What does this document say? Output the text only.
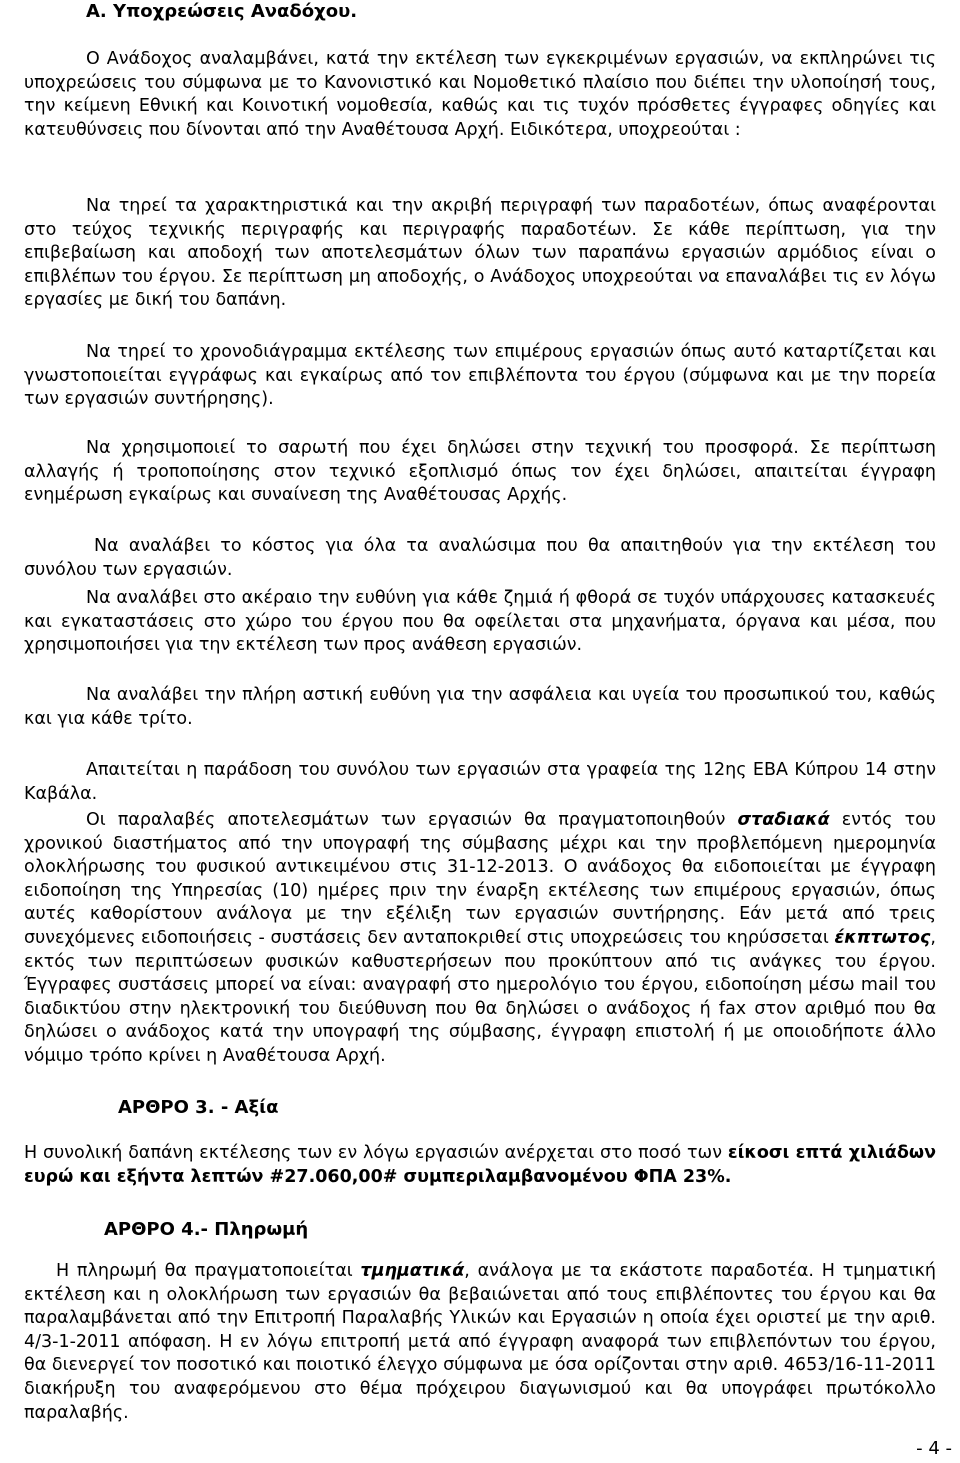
Α. Υποχρεώσεις Αναδόχου.

Ο Ανάδοχος αναλαμβάνει, κατά την εκτέλεση των εγκεκριμένων εργασιών, να εκπληρώνει τις υποχρεώσεις του σύμφωνα με το Κανονιστικό και Νομοθετικό πλαίσιο που διέπει την υλοποίησή τους, την κείμενη Εθνική και Κοινοτική νομοθεσία, καθώς και τις τυχόν πρόσθετες έγγραφες οδηγίες και κατευθύνσεις που δίνονται από την Αναθέτουσα Αρχή. Ειδικότερα, υποχρεούται :

Να τηρεί τα χαρακτηριστικά και την ακριβή περιγραφή των παραδοτέων, όπως αναφέρονται στο τεύχος τεχνικής περιγραφής και περιγραφής παραδοτέων. Σε κάθε περίπτωση, για την επιβεβαίωση και αποδοχή των αποτελεσμάτων όλων των παραπάνω εργασιών αρμόδιος είναι ο επιβλέπων του έργου. Σε περίπτωση μη αποδοχής, ο Ανάδοχος υποχρεούται να επαναλάβει τις εν λόγω εργασίες με δική του δαπάνη.

Να τηρεί το χρονοδιάγραμμα εκτέλεσης των επιμέρους εργασιών όπως αυτό καταρτίζεται και γνωστοποιείται εγγράφως και εγκαίρως από τον επιβλέποντα του έργου (σύμφωνα και με την πορεία των εργασιών συντήρησης).

Να χρησιμοποιεί το σαρωτή που έχει δηλώσει στην τεχνική του προσφορά. Σε περίπτωση αλλαγής ή τροποποίησης στον τεχνικό εξοπλισμό όπως τον έχει δηλώσει, απαιτείται έγγραφη ενημέρωση εγκαίρως και συναίνεση της Αναθέτουσας Αρχής.

Να αναλάβει το κόστος για όλα τα αναλώσιμα που θα απαιτηθούν για την εκτέλεση του συνόλου των εργασιών.

Να αναλάβει στο ακέραιο την ευθύνη για κάθε ζημιά ή φθορά σε τυχόν υπάρχουσες κατασκευές και εγκαταστάσεις στο χώρο του έργου που θα οφείλεται στα μηχανήματα, όργανα και μέσα, που χρησιμοποιήσει για την εκτέλεση των προς ανάθεση εργασιών.

Να αναλάβει την πλήρη αστική ευθύνη για την ασφάλεια και υγεία του προσωπικού του, καθώς και για κάθε τρίτο.

Απαιτείται η παράδοση του συνόλου των εργασιών στα γραφεία της 12ης ΕΒΑ Κύπρου 14 στην Καβάλα.

Οι παραλαβές αποτελεσμάτων των εργασιών θα πραγματοποιηθούν σταδιακά εντός του χρονικού διαστήματος από την υπογραφή της σύμβασης μέχρι και την προβλεπόμενη ημερομηνία ολοκλήρωσης του φυσικού αντικειμένου στις 31-12-2013. Ο ανάδοχος θα ειδοποιείται με έγγραφη ειδοποίηση της Υπηρεσίας (10) ημέρες πριν την έναρξη εκτέλεσης των επιμέρους εργασιών, όπως αυτές καθορίστουν ανάλογα με την εξέλιξη των εργασιών συντήρησης. Εάν μετά από τρεις συνεχόμενες ειδοποιήσεις - συστάσεις δεν ανταποκριθεί στις υποχρεώσεις του κηρύσσεται έκπτωτος, εκτός των περιπτώσεων φυσικών καθυστερήσεων που προκύπτουν από τις ανάγκες του έργου. Έγγραφες συστάσεις μπορεί να είναι: αναγραφή στο ημερολόγιο του έργου, ειδοποίηση μέσω mail του διαδικτύου στην ηλεκτρονική του διεύθυνση που θα δηλώσει ο ανάδοχος ή fax στον αριθμό που θα δηλώσει ο ανάδοχος κατά την υπογραφή της σύμβασης, έγγραφη επιστολή ή με οποιοδήποτε άλλο νόμιμο τρόπο κρίνει η Αναθέτουσα Αρχή.

ΑΡΘΡΟ 3. - Αξία

Η συνολική δαπάνη εκτέλεσης των εν λόγω εργασιών ανέρχεται στο ποσό των είκοσι επτά χιλιάδων ευρώ και εξήντα λεπτών #27.060,00# συμπεριλαμβανομένου ΦΠΑ 23%.

ΑΡΘΡΟ 4.- Πληρωμή

Η πληρωμή θα πραγματοποιείται τμηματικά, ανάλογα με τα εκάστοτε παραδοτέα. Η τμηματική εκτέλεση και η ολοκλήρωση των εργασιών θα βεβαιώνεται από τους επιβλέποντες του έργου και θα παραλαμβάνεται από την Επιτροπή Παραλαβής Υλικών και Εργασιών η οποία έχει οριστεί με την αριθ. 4/3-1-2011 απόφαση. Η εν λόγω επιτροπή μετά από έγγραφη αναφορά των επιβλεπόντων του έργου, θα διενεργεί τον ποσοτικό και ποιοτικό έλεγχο σύμφωνα με όσα ορίζονται στην αριθ. 4653/16-11-2011 διακήρυξη του αναφερόμενου στο θέμα πρόχειρου διαγωνισμού και θα υπογράφει πρωτόκολλο παραλαβής.

- 4 -
